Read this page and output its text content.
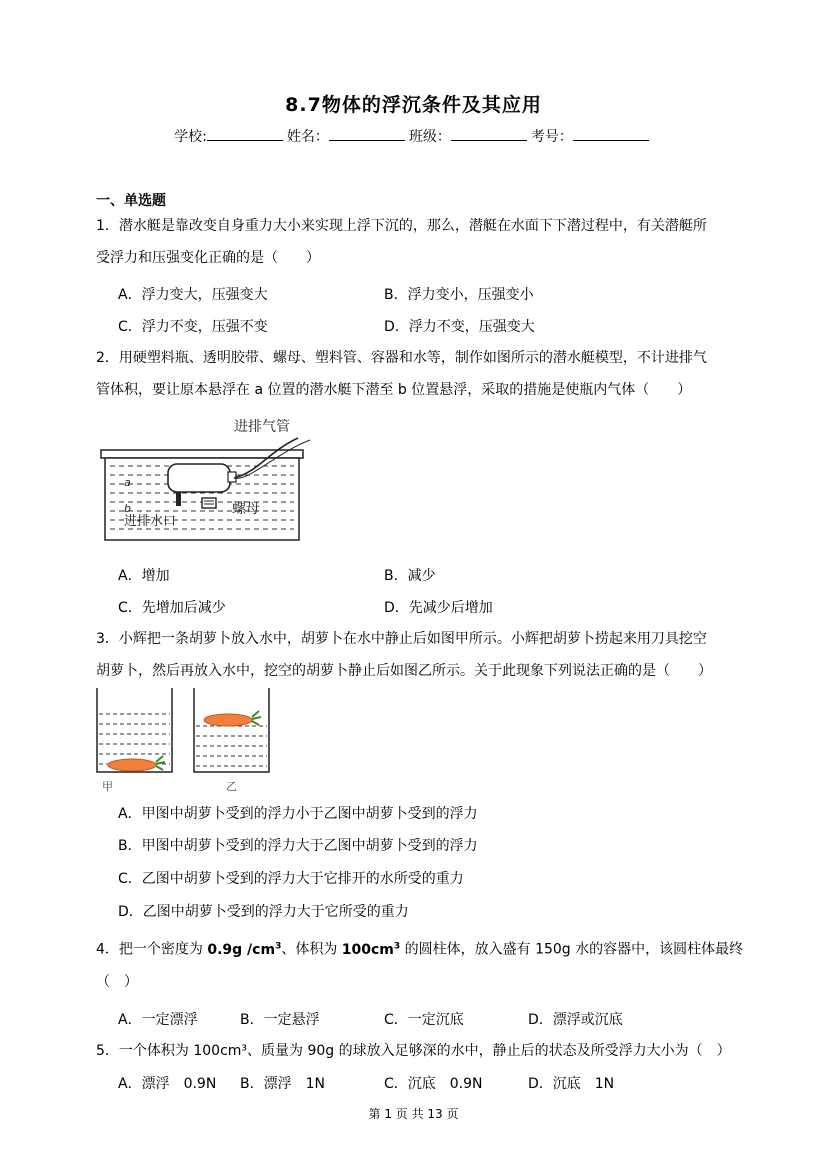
8.7物体的浮沉条件及其应用
学校:	姓名：	班级：	考号：
一、单选题
1．潜水艇是靠改变自身重力大小来实现上浮下沉的，那么，潜艇在水面下下潜过程中，有关潜艇所
受浮力和压强变化正确的是（　　）
A．浮力变大，压强变大	B．浮力变小，压强变小
C．浮力不变，压强不变	D．浮力不变，压强变大
2．用硬塑料瓶、透明胶带、螺母、塑料管、容器和水等，制作如图所示的潜水艇模型，不计进排气
管体积，要让原本悬浮在 a 位置的潜水艇下潜至 b 位置悬浮，采取的措施是使瓶内气体（　　）
进排气管
a
b
进排水口
螺母
A．增加	B．减少
C．先增加后减少	D．先减少后增加
3．小辉把一条胡萝卜放入水中，胡萝卜在水中静止后如图甲所示。小辉把胡萝卜捞起来用刀具挖空
胡萝卜，然后再放入水中，挖空的胡萝卜静止后如图乙所示。关于此现象下列说法正确的是（　　）
甲	乙
A．甲图中胡萝卜受到的浮力小于乙图中胡萝卜受到的浮力
B．甲图中胡萝卜受到的浮力大于乙图中胡萝卜受到的浮力
C．乙图中胡萝卜受到的浮力大于它排开的水所受的重力
D．乙图中胡萝卜受到的浮力大于它所受的重力
4．把一个密度为 0.9g $/cm^3$、体积为 $100cm^3$ 的圆柱体，放入盛有 150g 水的容器中，该圆柱体最终
（　）
A．一定漂浮	B．一定悬浮	C．一定沉底	D．漂浮或沉底
5．一个体积为 100cm³、质量为 90g 的球放入足够深的水中，静止后的状态及所受浮力大小为（　）
A．漂浮　0.9N B．漂浮　1N	C．沉底　0.9N	D．沉底　1N
第 1 页 共 13 页
